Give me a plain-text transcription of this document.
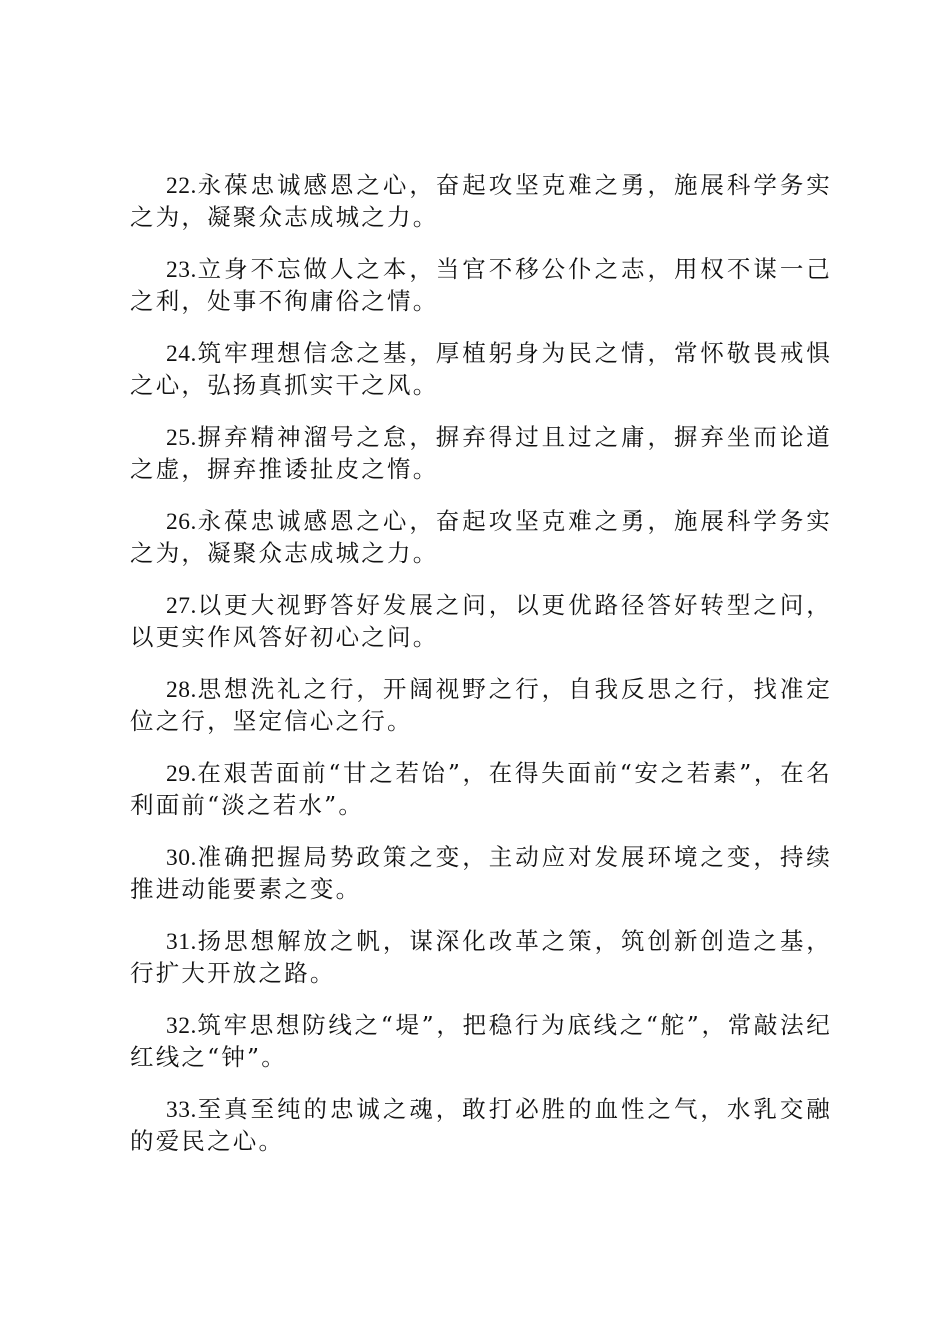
22.永葆忠诚感恩之心，奋起攻坚克难之勇，施展科学务实之为，凝聚众志成城之力。

23.立身不忘做人之本，当官不移公仆之志，用权不谋一己之利，处事不徇庸俗之情。

24.筑牢理想信念之基，厚植躬身为民之情，常怀敬畏戒惧之心，弘扬真抓实干之风。

25.摒弃精神溜号之怠，摒弃得过且过之庸，摒弃坐而论道之虚，摒弃推诿扯皮之惰。

26.永葆忠诚感恩之心，奋起攻坚克难之勇，施展科学务实之为，凝聚众志成城之力。

27.以更大视野答好发展之问，以更优路径答好转型之问，以更实作风答好初心之问。

28.思想洗礼之行，开阔视野之行，自我反思之行，找准定位之行，坚定信心之行。

29.在艰苦面前“甘之若饴”，在得失面前“安之若素”，在名利面前“淡之若水”。

30.准确把握局势政策之变，主动应对发展环境之变，持续推进动能要素之变。

31.扬思想解放之帆，谋深化改革之策，筑创新创造之基，行扩大开放之路。

32.筑牢思想防线之“堤”，把稳行为底线之“舵”，常敲法纪红线之“钟”。

33.至真至纯的忠诚之魂，敢打必胜的血性之气，水乳交融的爱民之心。
